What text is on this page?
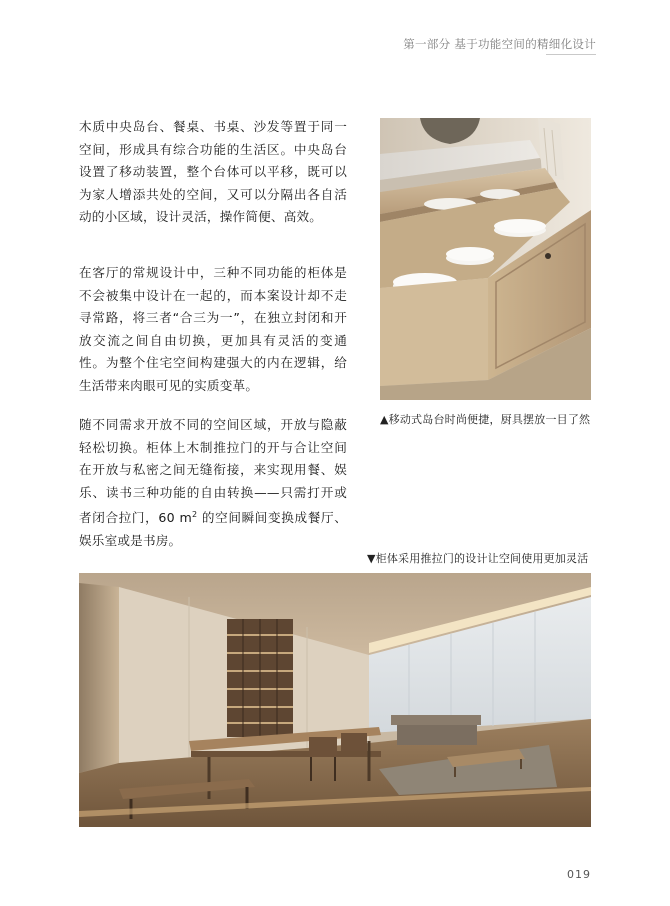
第一部分 基于功能空间的精细化设计

木质中央岛台、餐桌、书桌、沙发等置于同一空间，形成具有综合功能的生活区。中央岛台设置了移动装置，整个台体可以平移，既可以为家人增添共处的空间，又可以分隔出各自活动的小区域，设计灵活，操作简便、高效。

在客厅的常规设计中，三种不同功能的柜体是不会被集中设计在一起的，而本案设计却不走寻常路，将三者“合三为一”，在独立封闭和开放交流之间自由切换，更加具有灵活的变通性。为整个住宅空间构建强大的内在逻辑，给生活带来肉眼可见的实质变革。

随不同需求开放不同的空间区域，开放与隐蔽轻松切换。柜体上木制推拉门的开与合让空间在开放与私密之间无缝衔接，来实现用餐、娱乐、读书三种功能的自由转换——只需打开或者闭合拉门，60 $m^2$ 的空间瞬间变换成餐厅、娱乐室或是书房。

▲移动式岛台时尚便捷，厨具摆放一目了然
▼柜体采用推拉门的设计让空间使用更加灵活
019
